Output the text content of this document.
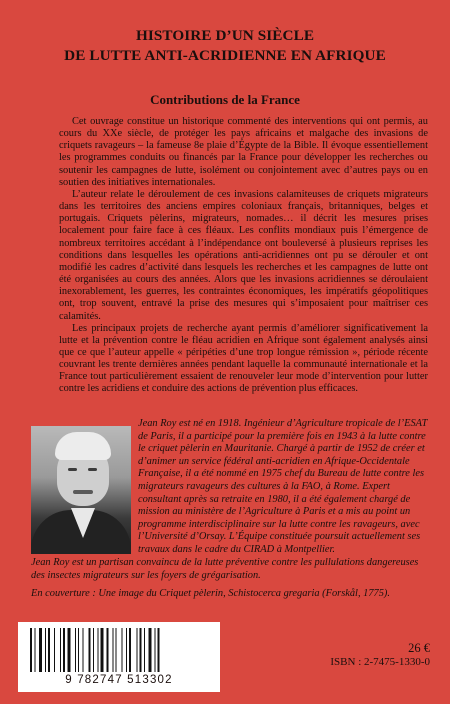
HISTOIRE D’UN SIÈCLE
DE LUTTE ANTI-ACRIDIENNE EN AFRIQUE
Contributions de la France

Cet ouvrage constitue un historique commenté des interventions qui ont permis, au cours du XXe siècle, de protéger les pays africains et malgache des invasions de criquets ravageurs – la fameuse 8e plaie d’Égypte de la Bible. Il évoque essentiellement les programmes conduits ou financés par la France pour développer les recherches ou soutenir les campagnes de lutte, isolément ou conjointement avec d’autres pays ou en soutien des initiatives internationales.

L’auteur relate le déroulement de ces invasions calamiteuses de criquets migrateurs dans les territoires des anciens empires coloniaux français, britanniques, belges et portugais. Criquets pèlerins, migrateurs, nomades… il décrit les mesures prises localement pour faire face à ces fléaux. Les conflits mondiaux puis l’émergence de nombreux territoires accédant à l’indépendance ont bouleversé à plusieurs reprises les conditions dans lesquelles les opérations anti-acridiennes ont pu se dérouler et ont modifié les cadres d’activité dans lesquels les recherches et les campagnes de lutte ont été organisées au cours des années. Alors que les invasions acridiennes se déroulaient inexorablement, les guerres, les contraintes économiques, les impératifs géopolitiques ont, trop souvent, entravé la prise des mesures qui s’imposaient pour maîtriser ces calamités.

Les principaux projets de recherche ayant permis d’améliorer significativement la lutte et la prévention contre le fléau acridien en Afrique sont également analysés ainsi que ce que l’auteur appelle « péripéties d’une trop longue rémission », période récente couvrant les trente dernières années pendant laquelle la communauté internationale et la France tout particulièrement essaient de renouveler leur mode d’intervention pour lutter contre les acridiens et conduire des actions de prévention plus efficaces.

Jean Roy est né en 1918. Ingénieur d’Agriculture tropicale de l’ESAT de Paris, il a participé pour la première fois en 1943 à la lutte contre le criquet pèlerin en Mauritanie. Chargé à partir de 1952 de créer et d’animer un service fédéral anti-acridien en Afrique-Occidentale Française, il a été nommé en 1975 chef du Bureau de lutte contre les migrateurs ravageurs des cultures à la FAO, à Rome. Expert consultant après sa retraite en 1980, il a été également chargé de mission au ministère de l’Agriculture à Paris et a mis au point un programme interdisciplinaire sur la lutte contre les ravageurs, avec l’Université d’Orsay. L’Équipe constituée poursuit actuellement ses travaux dans le cadre du CIRAD à Montpellier.
Jean Roy est un partisan convaincu de la lutte préventive contre les pullulations dangereuses des insectes migrateurs sur les foyers de grégarisation.
En couverture : Une image du Criquet pèlerin, Schistocerca gregaria (Forskål, 1775).
9 782747 513302
26 €
ISBN : 2-7475-1330-0
